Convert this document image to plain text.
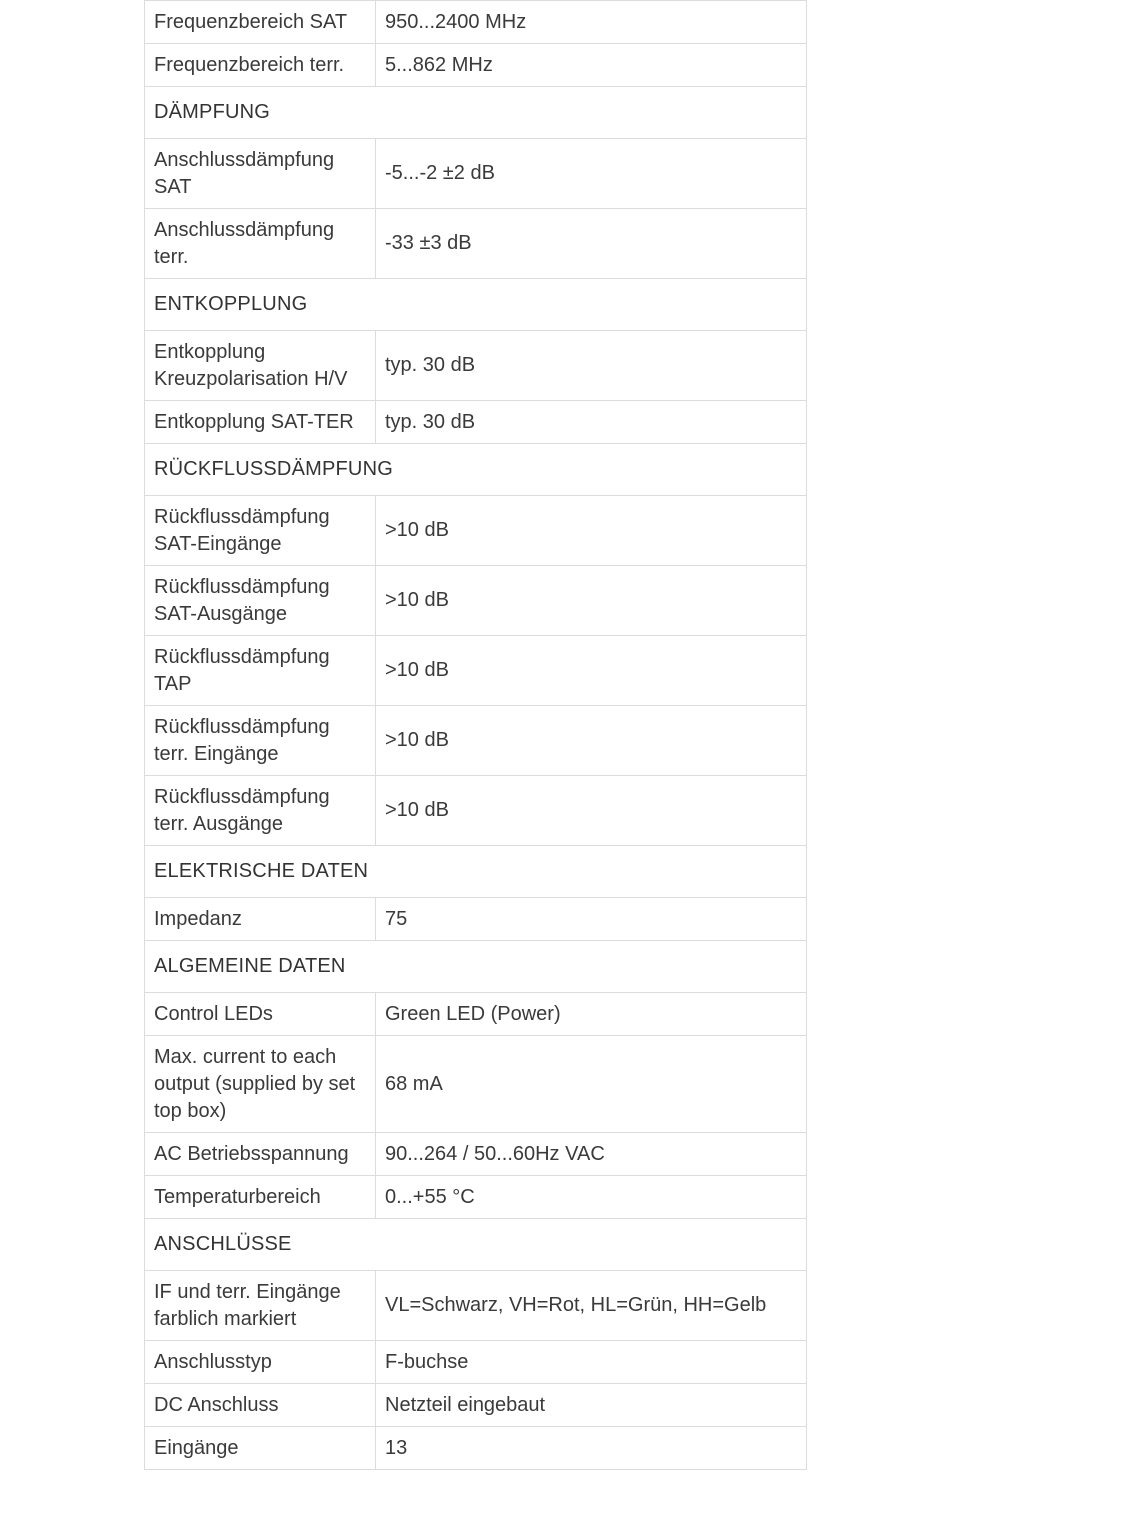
Frequenzbereich SAT	950...2400 MHz
Frequenzbereich terr.	5...862 MHz
DÄMPFUNG	
Anschlussdämpfung SAT	-5...-2 ±2 dB
Anschlussdämpfung terr.	-33 ±3 dB
ENTKOPPLUNG	
Entkopplung Kreuzpolarisation H/V	typ. 30 dB
Entkopplung SAT-TER	typ. 30 dB
RÜCKFLUSSDÄMPFUNG	
Rückflussdämpfung SAT-Eingänge	>10 dB
Rückflussdämpfung SAT-Ausgänge	>10 dB
Rückflussdämpfung TAP	>10 dB
Rückflussdämpfung terr. Eingänge	>10 dB
Rückflussdämpfung terr. Ausgänge	>10 dB
ELEKTRISCHE DATEN	
Impedanz	75
ALGEMEINE DATEN	
Control LEDs	Green LED (Power)
Max. current to each output (supplied by set top box)	68 mA
AC Betriebsspannung	90...264 / 50...60Hz VAC
Temperaturbereich	0...+55 °C
ANSCHLÜSSE	
IF und terr. Eingänge farblich markiert	VL=Schwarz, VH=Rot, HL=Grün, HH=Gelb
Anschlusstyp	F-buchse
DC Anschluss	Netzteil eingebaut
Eingänge	13
